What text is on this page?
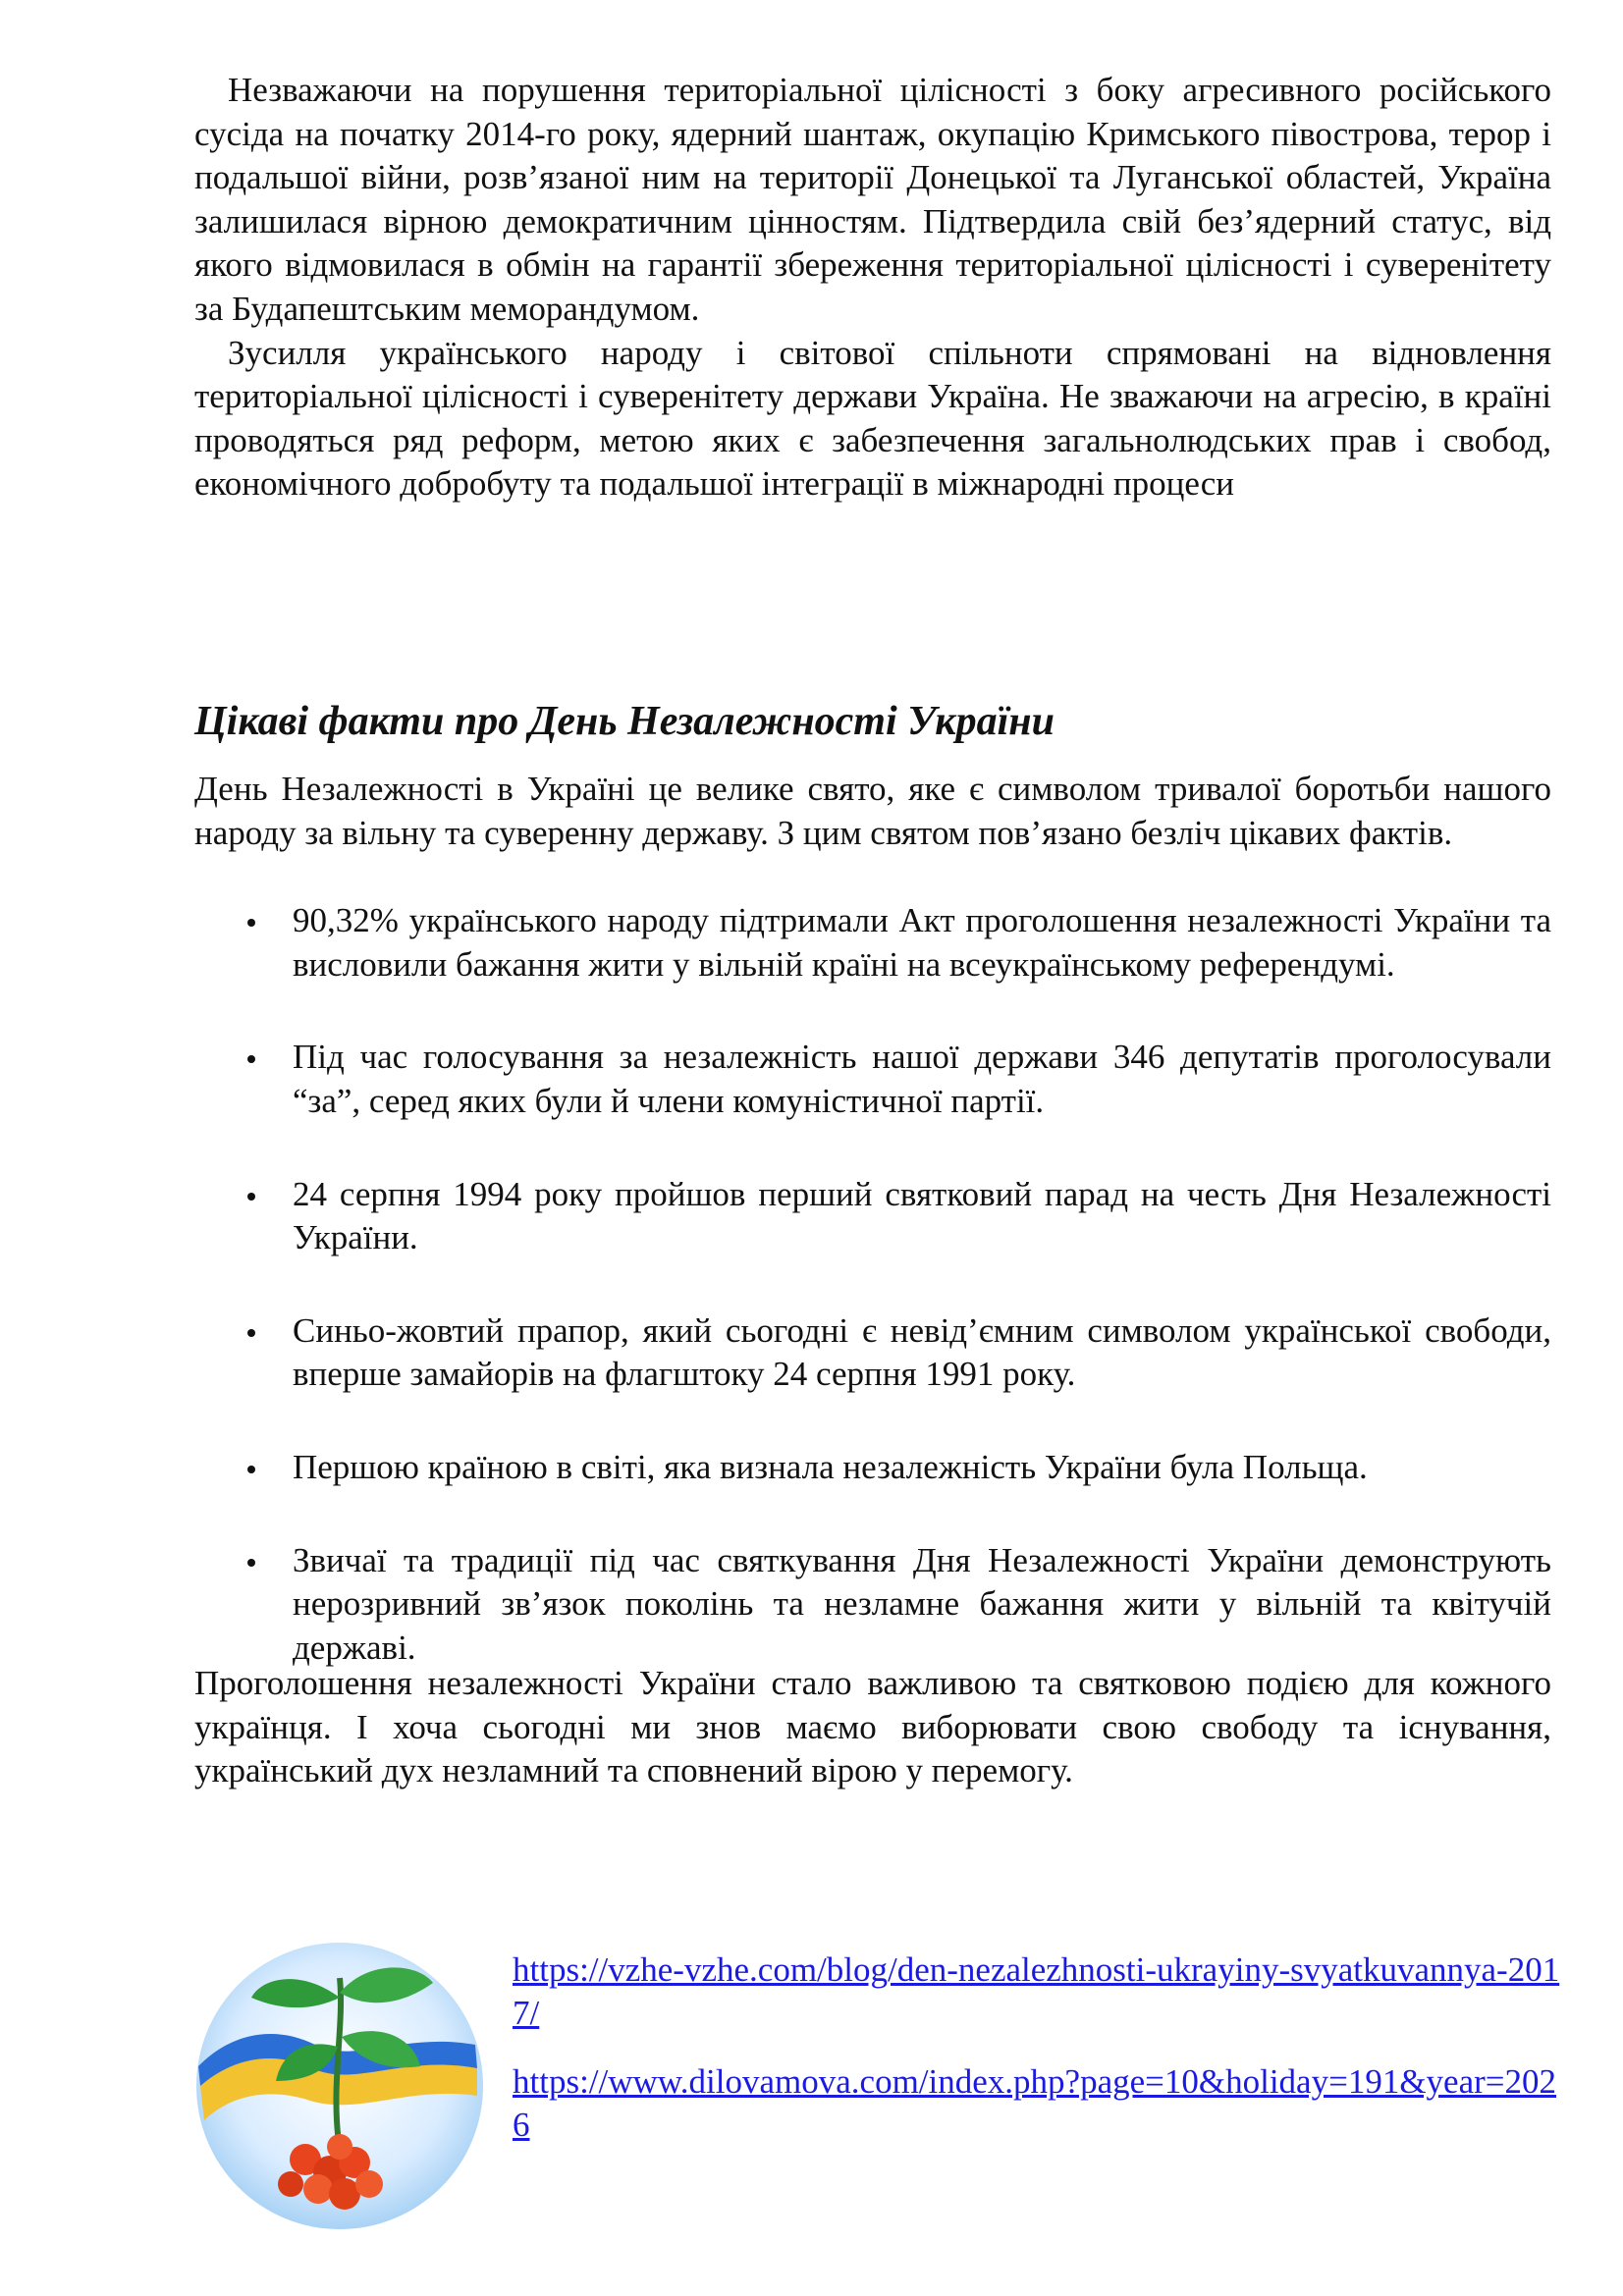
Незважаючи на порушення територіальної цілісності з боку агресивного російського сусіда на початку 2014-го року, ядерний шантаж, окупацію Кримського півострова, терор і подальшої війни, розв’язаної ним на території Донецької та Луганської областей, Україна залишилася вірною демократичним цінностям. Підтвердила свій без’ядерний статус, від якого відмовилася в обмін на гарантії збереження територіальної цілісності і суверенітету за Будапештським меморандумом.

Зусилля українського народу і світової спільноти спрямовані на відновлення територіальної цілісності і суверенітету держави Україна. Не зважаючи на агресію, в країні проводяться ряд реформ, метою яких є забезпечення загальнолюдських прав і свобод, економічного добробуту та подальшої інтеграції в міжнародні процеси

Цікаві факти про День Незалежності України

День Незалежності в Україні це велике свято, яке є символом тривалої боротьби нашого народу за вільну та суверенну державу. З цим святом пов’язано безліч цікавих фактів.

90,32% українського народу підтримали Акт проголошення незалежності України та висловили бажання жити у вільній країні на всеукраїнському референдумі.
Під час голосування за незалежність нашої держави 346 депутатів проголосували “за”, серед яких були й члени комуністичної партії.
24 серпня 1994 року пройшов перший святковий парад на честь Дня Незалежності України.
Синьо-жовтий прапор, який сьогодні є невід’ємним символом української свободи, вперше замайорів на флагштоку 24 серпня 1991 року.
Першою країною в світі, яка визнала незалежність України була Польща.
Звичаї та традиції під час святкування Дня Незалежності України демонструють нерозривний зв’язок поколінь та незламне бажання жити у вільній та квітучій державі.

Проголошення незалежності України стало важливою та святковою подією для кожного українця. І хоча сьогодні ми знов маємо виборювати свою свободу та існування, український дух незламний та сповнений вірою у перемогу.

https://vzhe-vzhe.com/blog/den-nezalezhnosti-ukrayiny-svyatkuvannya-2017/
https://www.dilovamova.com/index.php?page=10&holiday=191&year=2026
